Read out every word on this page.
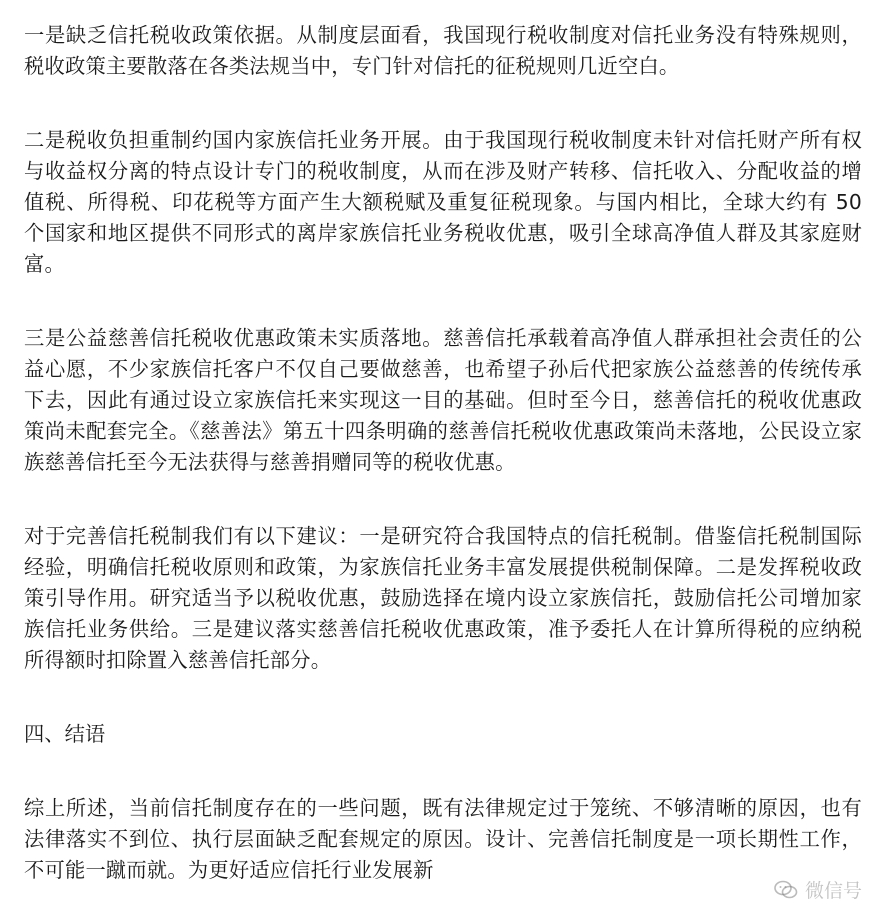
一是缺乏信托税收政策依据。从制度层面看，我国现行税收制度对信托业务没有特殊规则，税收政策主要散落在各类法规当中，专门针对信托的征税规则几近空白。

二是税收负担重制约国内家族信托业务开展。由于我国现行税收制度未针对信托财产所有权与收益权分离的特点设计专门的税收制度，从而在涉及财产转移、信托收入、分配收益的增值税、所得税、印花税等方面产生大额税赋及重复征税现象。与国内相比，全球大约有 50 个国家和地区提供不同形式的离岸家族信托业务税收优惠，吸引全球高净值人群及其家庭财富。

三是公益慈善信托税收优惠政策未实质落地。慈善信托承载着高净值人群承担社会责任的公益心愿，不少家族信托客户不仅自己要做慈善，也希望子孙后代把家族公益慈善的传统传承下去，因此有通过设立家族信托来实现这一目的基础。但时至今日，慈善信托的税收优惠政策尚未配套完全。《慈善法》第五十四条明确的慈善信托税收优惠政策尚未落地，公民设立家族慈善信托至今无法获得与慈善捐赠同等的税收优惠。

对于完善信托税制我们有以下建议：一是研究符合我国特点的信托税制。借鉴信托税制国际经验，明确信托税收原则和政策，为家族信托业务丰富发展提供税制保障。二是发挥税收政策引导作用。研究适当予以税收优惠，鼓励选择在境内设立家族信托，鼓励信托公司增加家族信托业务供给。三是建议落实慈善信托税收优惠政策，准予委托人在计算所得税的应纳税所得额时扣除置入慈善信托部分。

四、结语

综上所述，当前信托制度存在的一些问题，既有法律规定过于笼统、不够清晰的原因，也有法律落实不到位、执行层面缺乏配套规定的原因。设计、完善信托制度是一项长期性工作，不可能一蹴而就。为更好适应信托行业发展新

微信号
